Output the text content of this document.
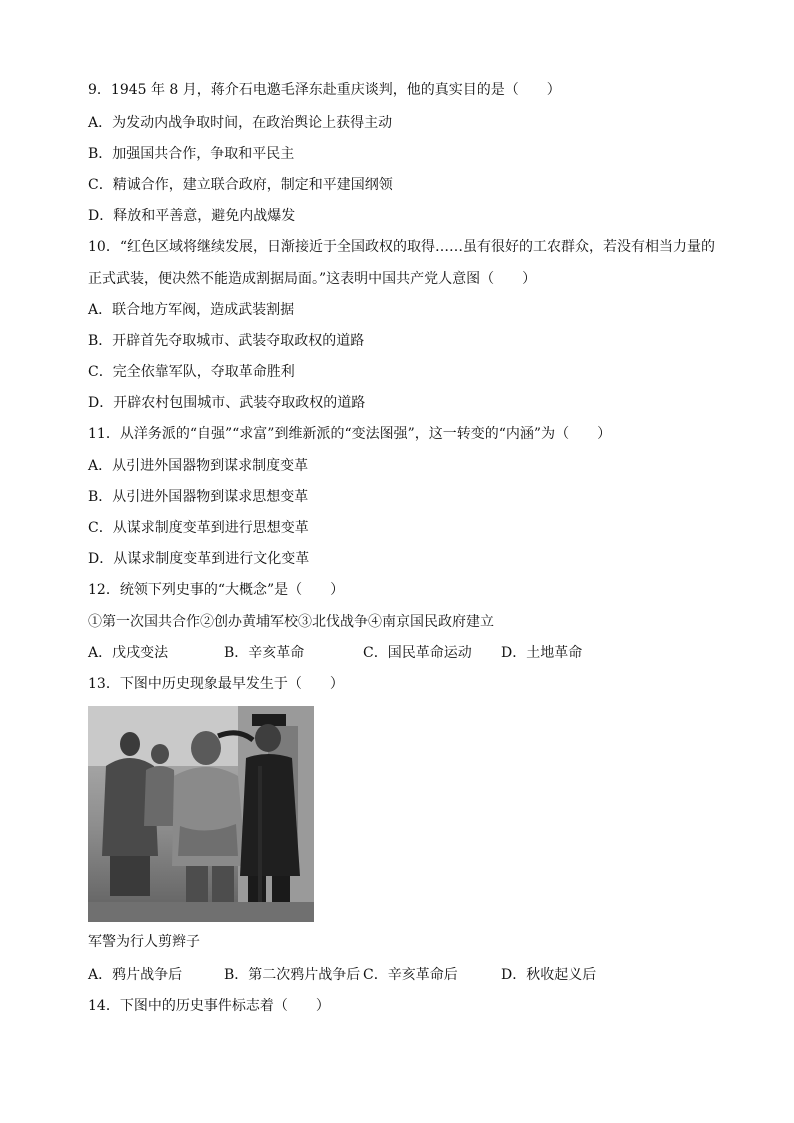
9．1945 年 8 月，蒋介石电邀毛泽东赴重庆谈判，他的真实目的是（　　）
A．为发动内战争取时间，在政治舆论上获得主动
B．加强国共合作，争取和平民主
C．精诚合作，建立联合政府，制定和平建国纲领
D．释放和平善意，避免内战爆发
10．“红色区域将继续发展，日渐接近于全国政权的取得……虽有很好的工农群众，若没有相当力量的
正式武装，便决然不能造成割据局面。”这表明中国共产党人意图（　　）
A．联合地方军阀，造成武装割据
B．开辟首先夺取城市、武装夺取政权的道路
C．完全依靠军队，夺取革命胜利
D．开辟农村包围城市、武装夺取政权的道路
11．从洋务派的“自强”“求富”到维新派的“变法图强”，这一转变的“内涵”为（　　）
A．从引进外国器物到谋求制度变革
B．从引进外国器物到谋求思想变革
C．从谋求制度变革到进行思想变革
D．从谋求制度变革到进行文化变革
12．统领下列史事的“大概念”是（　　）
①第一次国共合作②创办黄埔军校③北伐战争④南京国民政府建立
A．戊戌变法	B．辛亥革命	C．国民革命运动 D．土地革命
13．下图中历史现象最早发生于（　　）
军警为行人剪辫子
A．鸦片战争后	B．第二次鸦片战争后 C．辛亥革命后	D．秋收起义后
14．下图中的历史事件标志着（　　）
